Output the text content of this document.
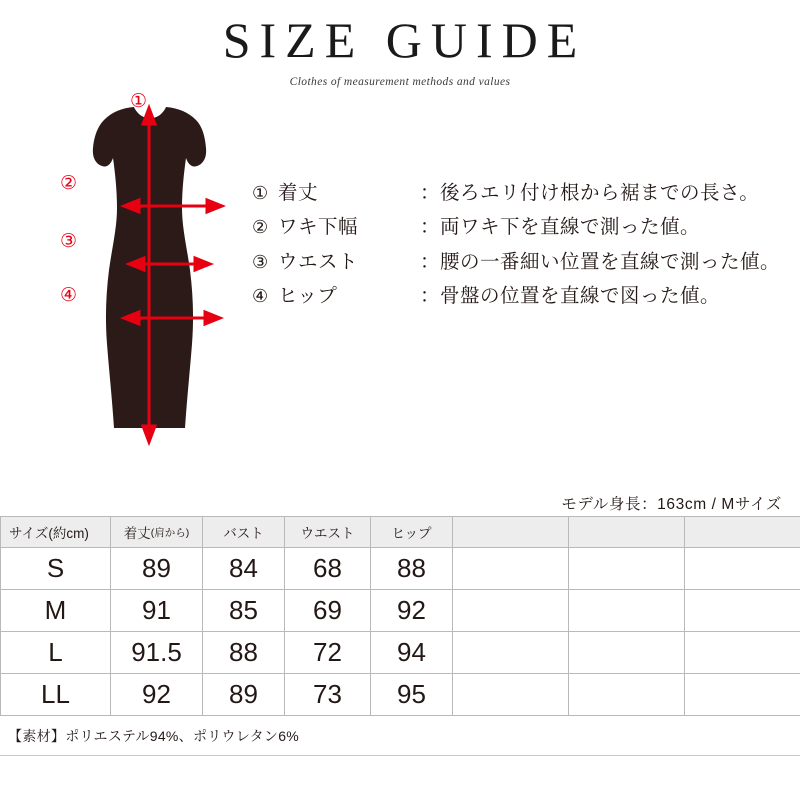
SIZE GUIDE
Clothes of measurement methods and values
①
②
③
④
① 着丈	： 後ろエリ付け根から裾までの長さ。
② ワキ下幅	： 両ワキ下を直線で測った値。
③ ウエスト	： 腰の一番細い位置を直線で測った値。
④ ヒップ	： 骨盤の位置を直線で図った値。
モデル身長：163cm / Mサイズ
サイズ(約cm)	着丈(肩から)	バスト	ウエスト	ヒップ			
S	89	84	68	88			
M	91	85	69	92			
L	91.5	88	72	94			
LL	92	89	73	95			
【素材】ポリエステル94%、ポリウレタン6%
